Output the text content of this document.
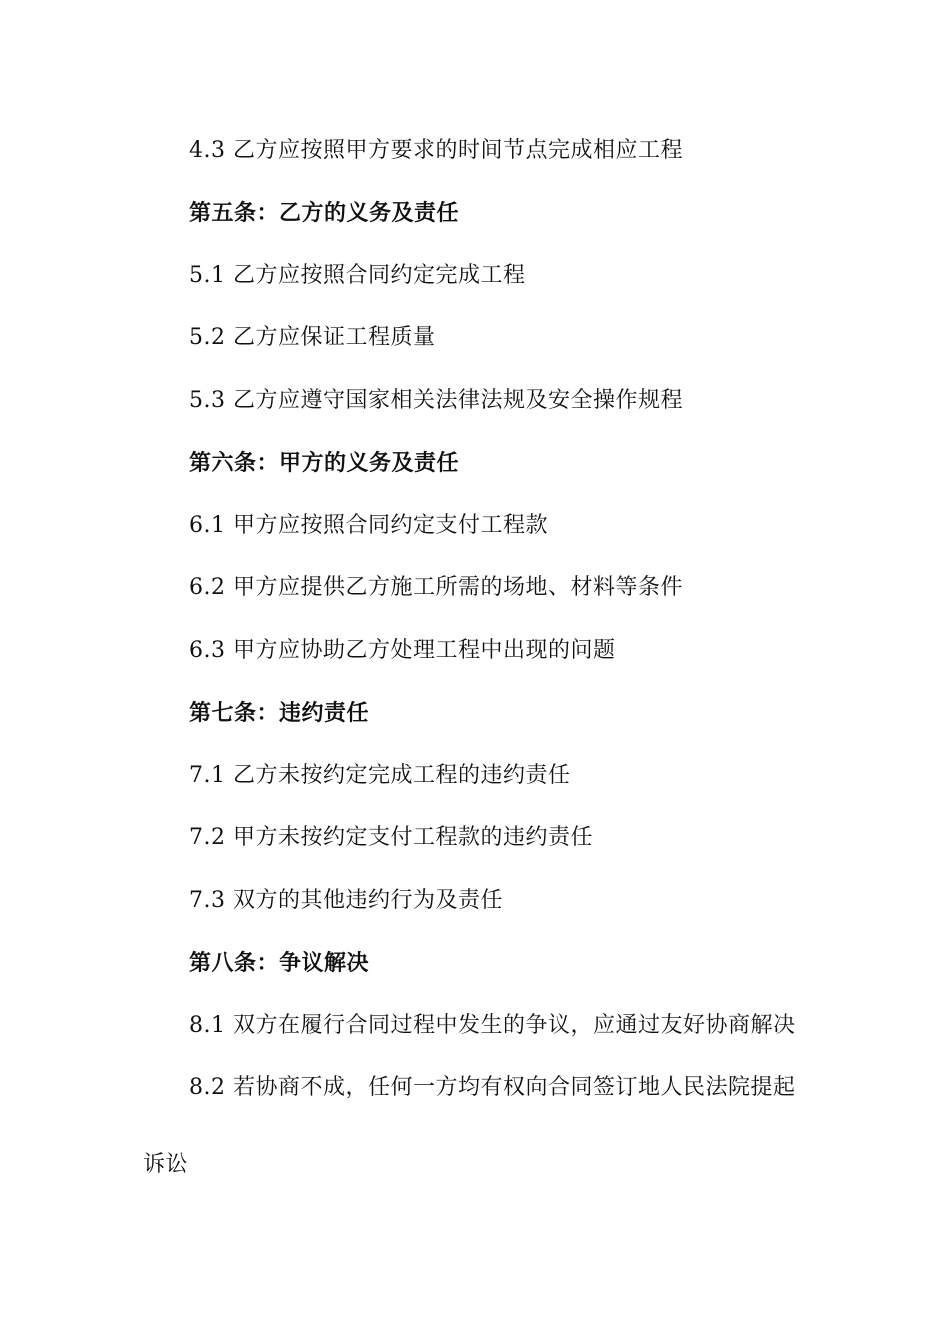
4.3 乙方应按照甲方要求的时间节点完成相应工程
第五条：乙方的义务及责任
5.1 乙方应按照合同约定完成工程
5.2 乙方应保证工程质量
5.3 乙方应遵守国家相关法律法规及安全操作规程
第六条：甲方的义务及责任
6.1 甲方应按照合同约定支付工程款
6.2 甲方应提供乙方施工所需的场地、材料等条件
6.3 甲方应协助乙方处理工程中出现的问题
第七条：违约责任
7.1 乙方未按约定完成工程的违约责任
7.2 甲方未按约定支付工程款的违约责任
7.3 双方的其他违约行为及责任
第八条：争议解决
8.1 双方在履行合同过程中发生的争议，应通过友好协商解决
8.2 若协商不成，任何一方均有权向合同签订地人民法院提起
诉讼
